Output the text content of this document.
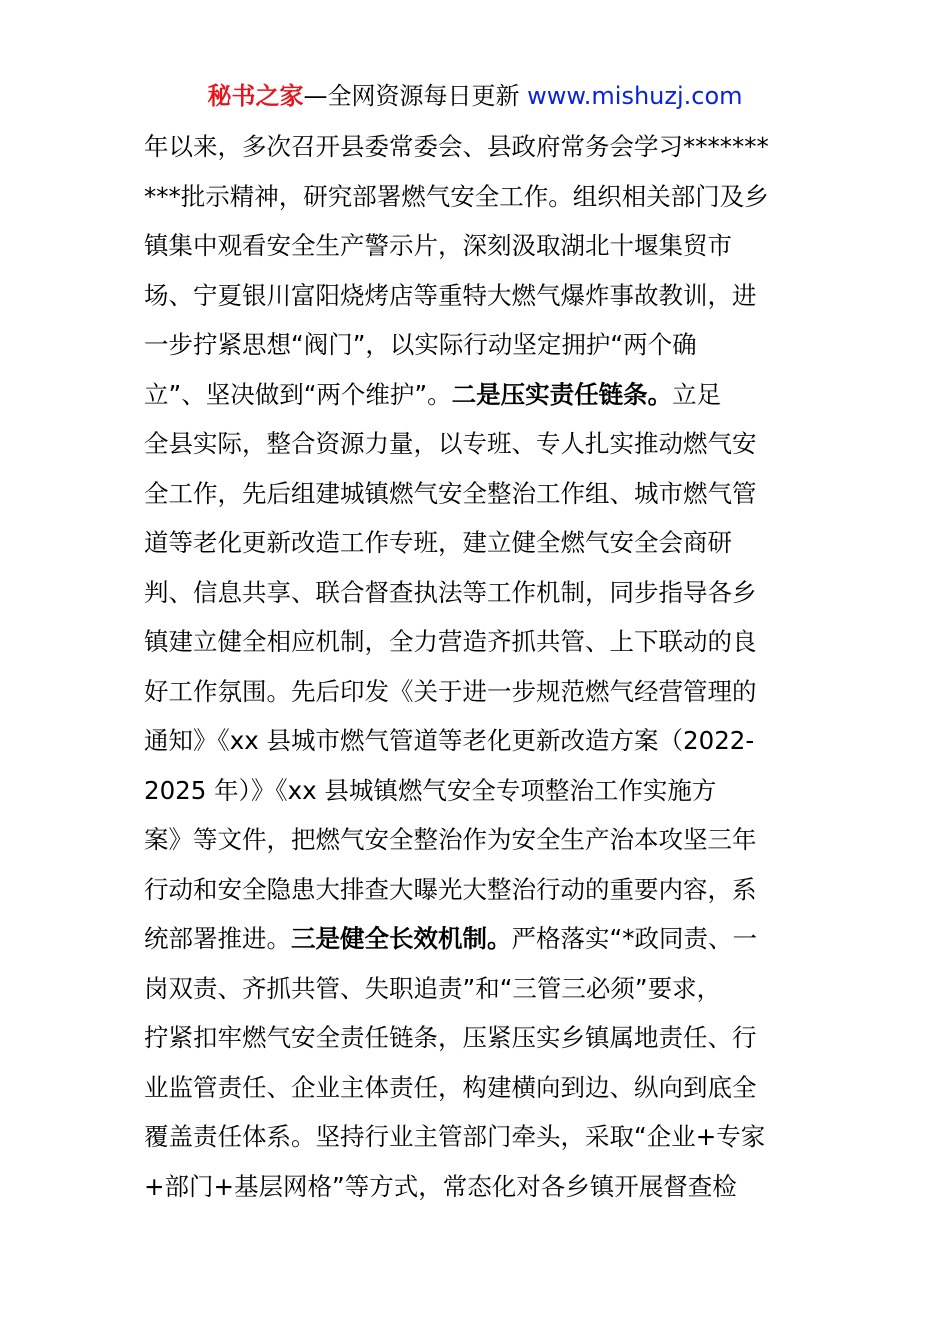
秘书之家—全网资源每日更新 www.mishuzj.com
年以来，多次召开县委常委会、县政府常务会学习*******
***批示精神，研究部署燃气安全工作。组织相关部门及乡
镇集中观看安全生产警示片，深刻汲取湖北十堰集贸市
场、宁夏银川富阳烧烤店等重特大燃气爆炸事故教训，进
一步拧紧思想“阀门”，以实际行动坚定拥护“两个确
立”、坚决做到“两个维护”。二是压实责任链条。立足
全县实际，整合资源力量，以专班、专人扎实推动燃气安
全工作，先后组建城镇燃气安全整治工作组、城市燃气管
道等老化更新改造工作专班，建立健全燃气安全会商研
判、信息共享、联合督查执法等工作机制，同步指导各乡
镇建立健全相应机制，全力营造齐抓共管、上下联动的良
好工作氛围。先后印发《关于进一步规范燃气经营管理的
通知》《xx 县城市燃气管道等老化更新改造方案（2022-
2025 年）》《xx 县城镇燃气安全专项整治工作实施方
案》等文件，把燃气安全整治作为安全生产治本攻坚三年
行动和安全隐患大排查大曝光大整治行动的重要内容，系
统部署推进。三是健全长效机制。严格落实“*政同责、一
岗双责、齐抓共管、失职追责”和“三管三必须”要求，
拧紧扣牢燃气安全责任链条，压紧压实乡镇属地责任、行
业监管责任、企业主体责任，构建横向到边、纵向到底全
覆盖责任体系。坚持行业主管部门牵头，采取“企业+专家
+部门+基层网格”等方式，常态化对各乡镇开展督查检
